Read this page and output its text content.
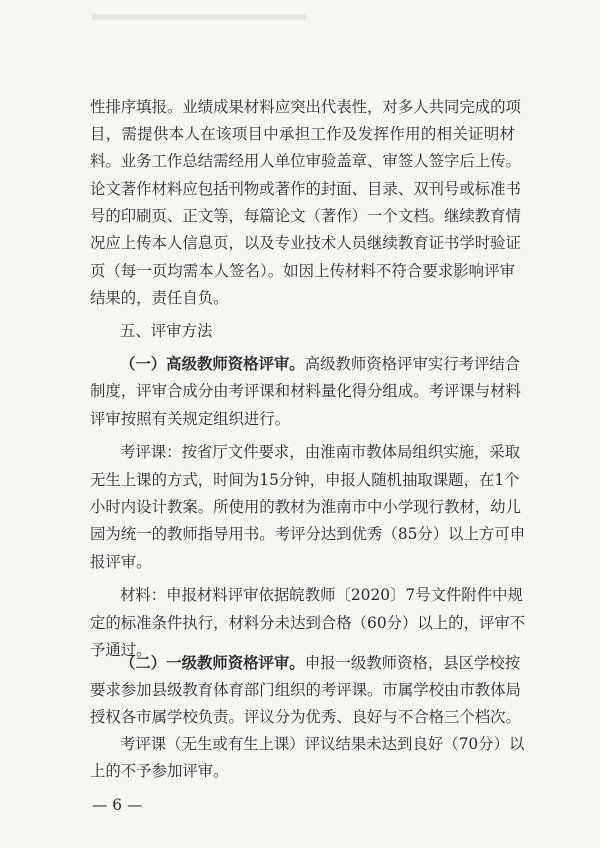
性排序填报。业绩成果材料应突出代表性，对多人共同完成的项
目，需提供本人在该项目中承担工作及发挥作用的相关证明材
料。业务工作总结需经用人单位审验盖章、审签人签字后上传。
论文著作材料应包括刊物或著作的封面、目录、双刊号或标准书
号的印刷页、正文等，每篇论文（著作）一个文档。继续教育情
况应上传本人信息页，以及专业技术人员继续教育证书学时验证
页（每一页均需本人签名）。如因上传材料不符合要求影响评审
结果的，责任自负。
五、评审方法
（一）高级教师资格评审。高级教师资格评审实行考评结合
制度，评审合成分由考评课和材料量化得分组成。考评课与材料
评审按照有关规定组织进行。
考评课：按省厅文件要求，由淮南市教体局组织实施，采取
无生上课的方式，时间为15分钟，申报人随机抽取课题，在1个
小时内设计教案。所使用的教材为淮南市中小学现行教材，幼儿
园为统一的教师指导用书。考评分达到优秀（85分）以上方可申
报评审。
材料：申报材料评审依据皖教师〔2020〕7号文件附件中规
定的标准条件执行，材料分未达到合格（60分）以上的，评审不
予通过。
（二）一级教师资格评审。申报一级教师资格，县区学校按
要求参加县级教育体育部门组织的考评课。市属学校由市教体局
授权各市属学校负责。评议分为优秀、良好与不合格三个档次。
考评课（无生或有生上课）评议结果未达到良好（70分）以
— 6 —
上的不予参加评审。
